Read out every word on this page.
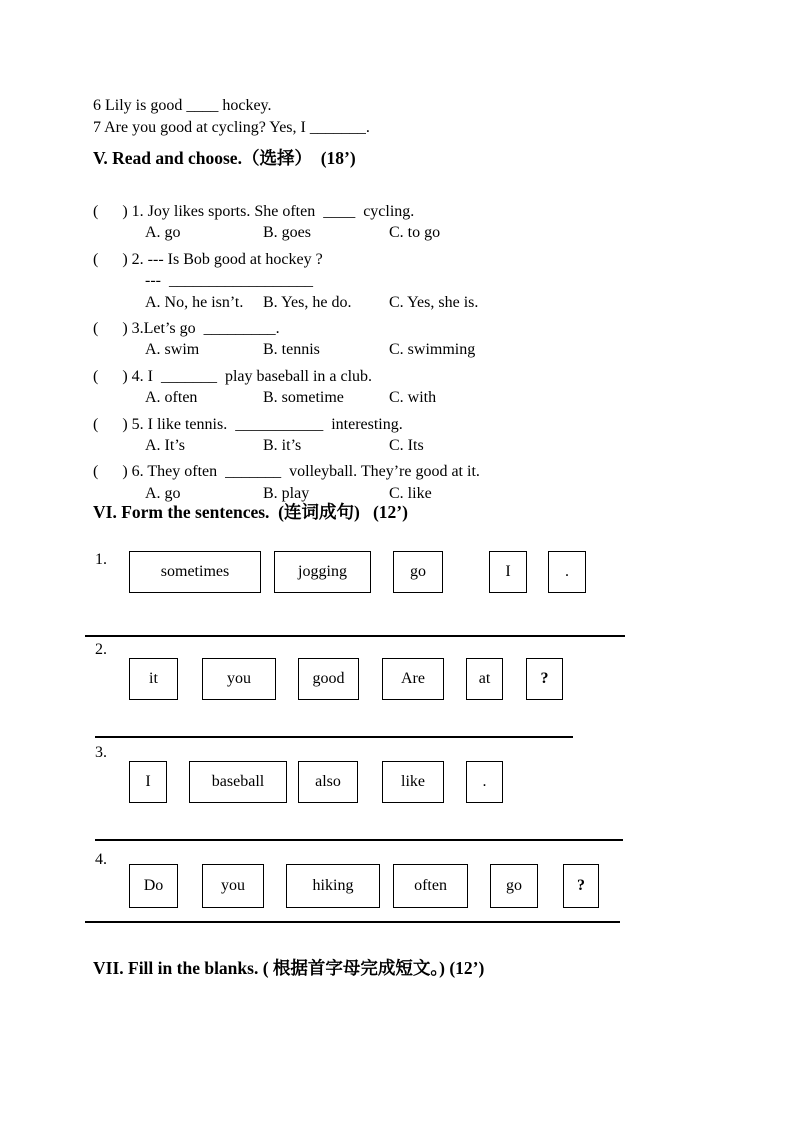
6 Lily is good ____ hockey.
7 Are you good at cycling? Yes, I _______.
V. Read and choose.（选择）  (18’)
(      ) 1. Joy likes sports. She often  ____  cycling.
A. go	B. goes	C. to go
(      ) 2. --- Is Bob good at hockey ?
---  __________________
A. No, he isn’t. B. Yes, he do. C. Yes, she is.
(      ) 3.Let’s go  _________.
A. swim	B. tennis	C. swimming
(      ) 4. I  _______  play baseball in a club.
A. often	B. sometime	C. with
(      ) 5. I like tennis.  ___________  interesting.
A. It’s	B. it’s	C. Its
(      ) 6. They often  _______  volleyball. They’re good at it.
A. go	B. play	C. like
VI. Form the sentences.  (连词成句)   (12’)
1.
sometimes	jogging	go	I	.
2.
it	you	good	Are	at	?
3.
I	baseball	also	like	.
4.
Do	you	hiking	often	go	?
VII. Fill in the blanks. ( 根据首字母完成短文。) (12’)
